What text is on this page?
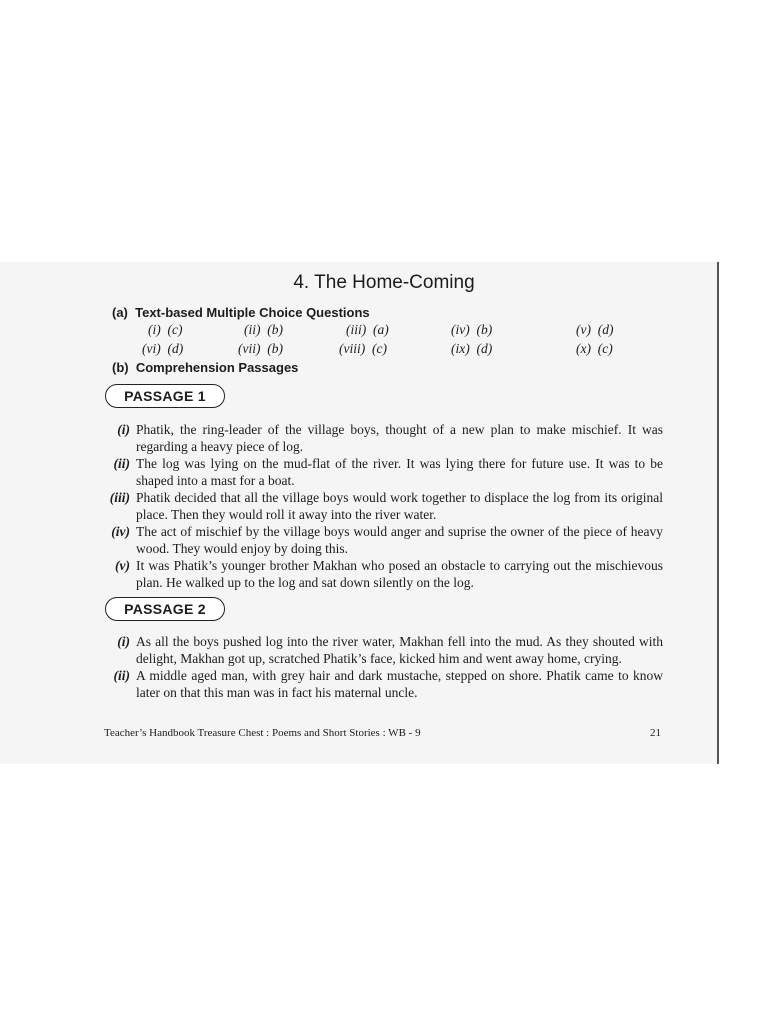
4. The Home-Coming
(a) Text-based Multiple Choice Questions
(i) (c)	(ii) (b)	(iii) (a)	(iv) (b)	(v) (d)
(vi) (d)	(vii) (b)	(viii) (c)	(ix) (d)	(x) (c)
(b) Comprehension Passages
PASSAGE 1
(i) Phatik, the ring-leader of the village boys, thought of a new plan to make mischief. It was regarding a heavy piece of log.
(ii) The log was lying on the mud-flat of the river. It was lying there for future use. It was to be shaped into a mast for a boat.
(iii) Phatik decided that all the village boys would work together to displace the log from its original place. Then they would roll it away into the river water.
(iv) The act of mischief by the village boys would anger and suprise the owner of the piece of heavy wood. They would enjoy by doing this.
(v) It was Phatik’s younger brother Makhan who posed an obstacle to carrying out the mischievous plan. He walked up to the log and sat down silently on the log.
PASSAGE 2
(i) As all the boys pushed log into the river water, Makhan fell into the mud. As they shouted with delight, Makhan got up, scratched Phatik’s face, kicked him and went away home, crying.
(ii) A middle aged man, with grey hair and dark mustache, stepped on shore. Phatik came to know later on that this man was in fact his maternal uncle.
Teacher’s Handbook Treasure Chest : Poems and Short Stories : WB - 9	21
